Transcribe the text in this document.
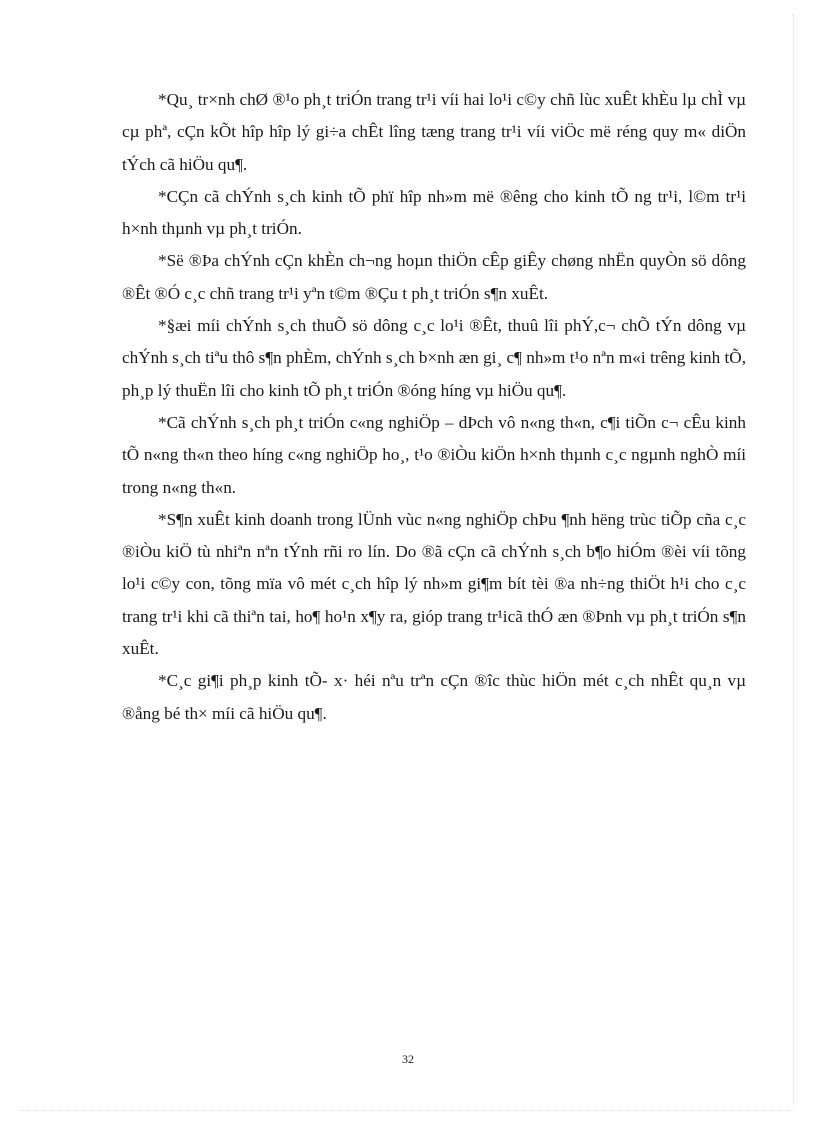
*Qu¸ tr×nh chØ ®¹o ph¸t triÓn trang tr¹i víi hai lo¹i c©y chñ lùc xuÊt khÈu lµ chÌ vµ cµ phª, cÇn kÕt hîp hîp lý gi÷a chÊt lîng tæng trang tr¹i víi viÖc më réng quy m« diÖn tÝch cã hiÖu qu¶.

*CÇn cã chÝnh s¸ch kinh tÕ phï hîp nh»m më ®êng cho kinh tÕ ng tr¹i, l©m tr¹i h×nh thµnh vµ ph¸t triÓn.

*Së ®Þa chÝnh cÇn khÈn ch¬ng hoµn thiÖn cÊp giÊy chøng nhËn quyÒn sö dông ®Êt ®Ó c¸c chñ trang tr¹i yªn t©m ®Çu t ph¸t triÓn s¶n xuÊt.

*§æi míi chÝnh s¸ch thuÕ sö dông c¸c lo¹i ®Êt, thuû lîi phÝ,c¬ chÕ tÝn dông vµ chÝnh s¸ch tiªu thô s¶n phÈm, chÝnh s¸ch b×nh æn gi¸ c¶ nh»m t¹o nªn m«i trêng kinh tÕ, ph¸p lý thuËn lîi cho kinh tÕ ph¸t triÓn ®óng híng vµ hiÖu qu¶.

*Cã chÝnh s¸ch ph¸t triÓn c«ng nghiÖp – dÞch vô n«ng th«n, c¶i tiÕn c¬ cÊu kinh tÕ n«ng th«n theo híng c«ng nghiÖp ho¸, t¹o ®iÒu kiÖn h×nh thµnh c¸c ngµnh nghÒ míi trong n«ng th«n.

*S¶n xuÊt kinh doanh trong lÜnh vùc n«ng nghiÖp chÞu ¶nh hëng trùc tiÕp cña c¸c ®iÒu kiÖ tù nhiªn nªn tÝnh rñi ro lín. Do ®ã cÇn cã chÝnh s¸ch b¶o hiÓm ®èi víi tõng lo¹i c©y con, tõng mïa vô mét c¸ch hîp lý nh»m gi¶m bít tèi ®a nh÷ng thiÖt h¹i cho c¸c trang tr¹i khi cã thiªn tai, ho¶ ho¹n x¶y ra, gióp trang tr¹icã thÓ æn ®Þnh vµ ph¸t triÓn s¶n xuÊt.

*C¸c gi¶i ph¸p kinh tÕ- x· héi nªu trªn cÇn ®îc thùc hiÖn mét c¸ch nhÊt qu¸n vµ ®ång bé th× míi cã hiÖu qu¶.

32
